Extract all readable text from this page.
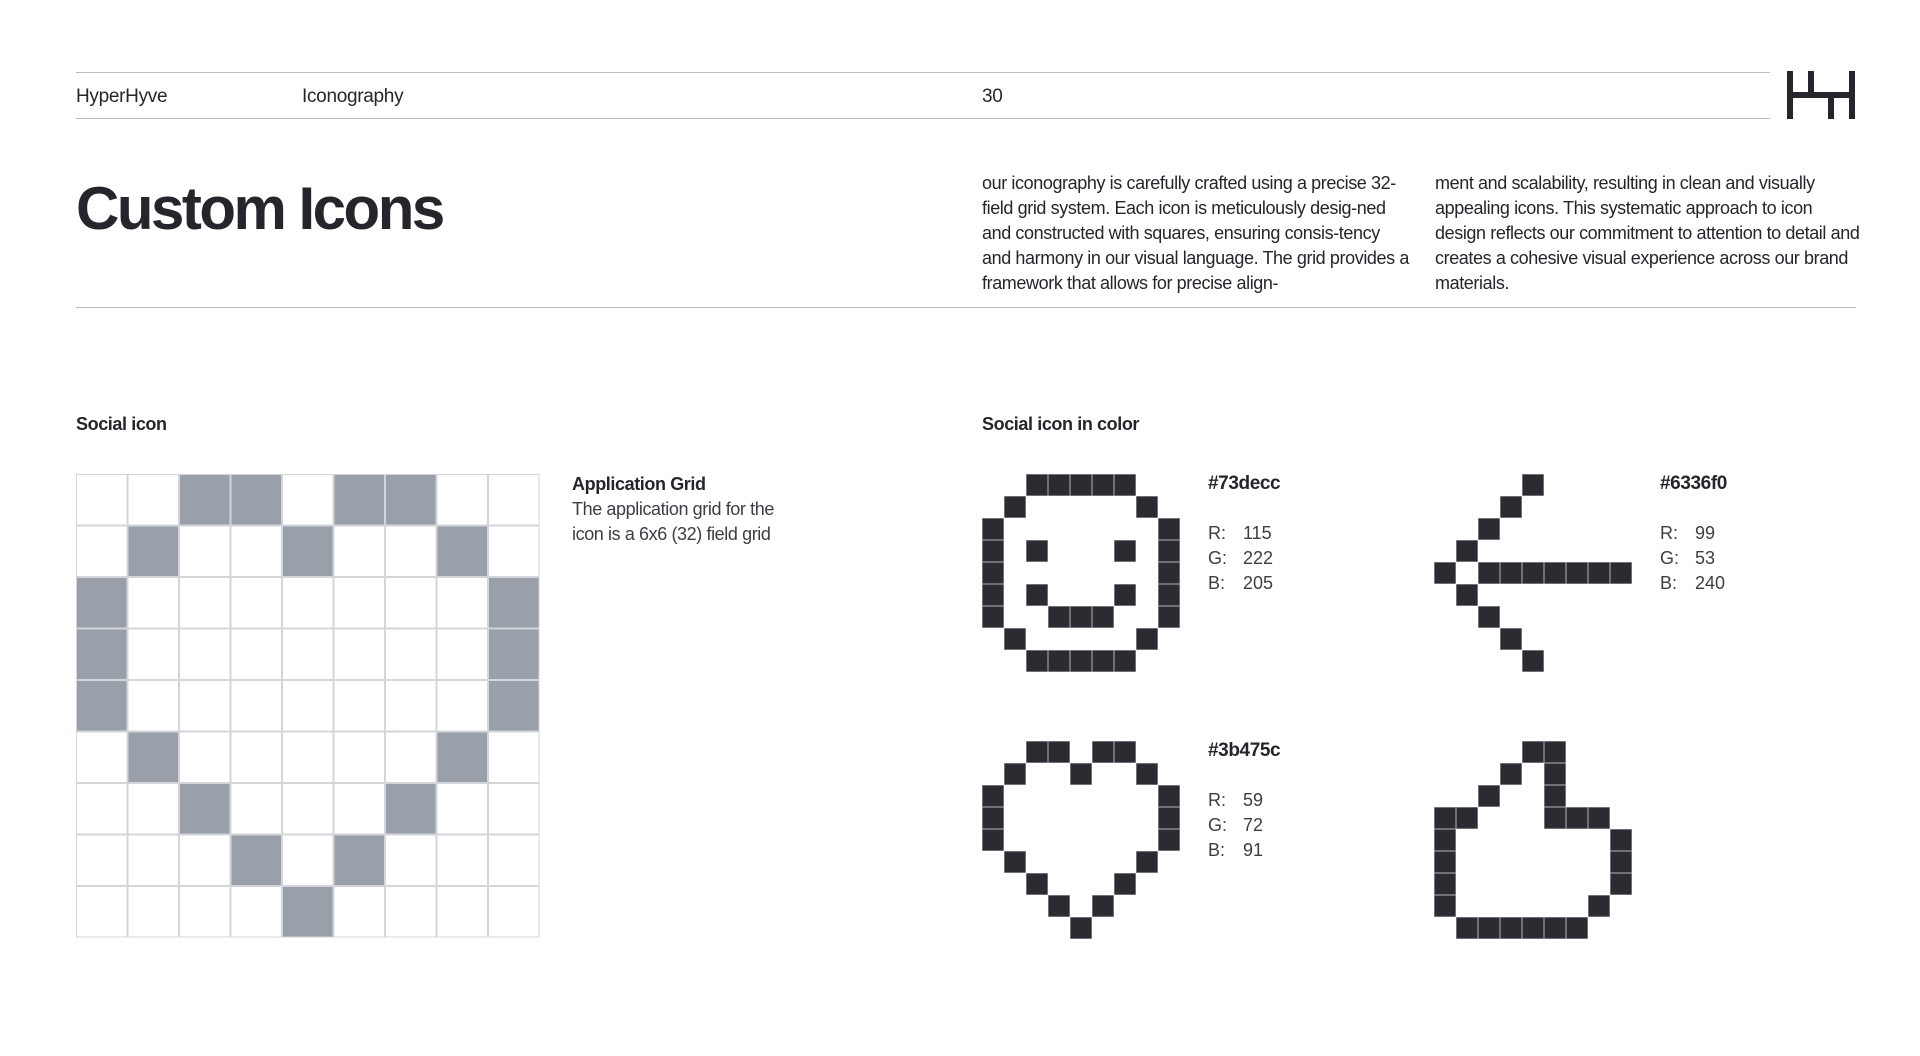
HyperHyve	Iconography	30
Custom Icons	our iconography is carefully crafted using a precise 32-field grid system. Each icon is meticulously desig-ned and constructed with squares, ensuring consis-tency and harmony in our visual language. The grid provides a framework that allows for precise align-

ment and scalability, resulting in clean and visually appealing icons. This systematic approach to icon design reflects our commitment to attention to detail and creates a cohesive visual experience across our brand materials.

Social icon	Social icon in color
Application Grid
The application grid for the icon is a 6x6 (32) field grid
#73decc
R: 115
G: 222
B: 205
#6336f0
R: 99
G: 53
B: 240
#3b475c
R: 59
G: 72
B: 91
